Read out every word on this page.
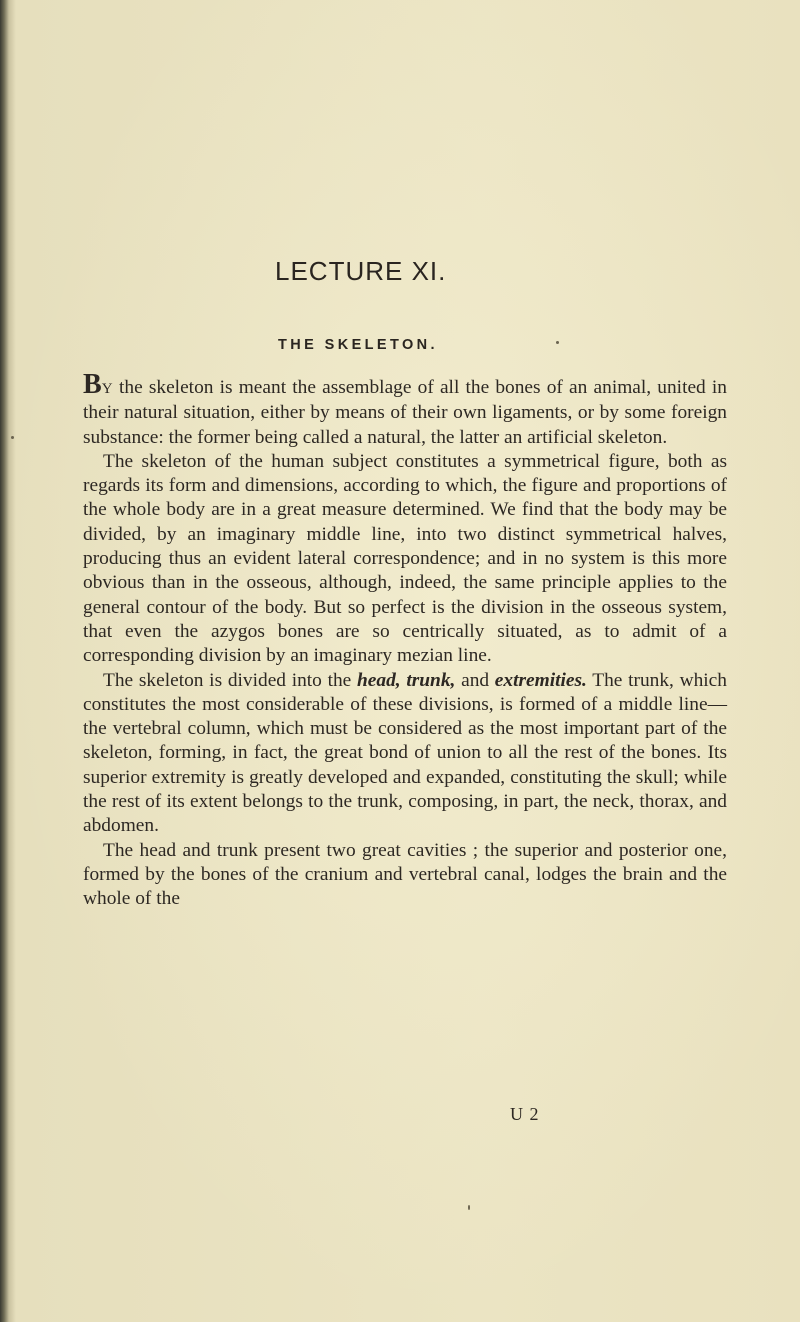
LECTURE XI.
THE SKELETON.

BY the skeleton is meant the assemblage of all the bones of an animal, united in their natural situation, either by means of their own ligaments, or by some foreign substance: the former being called a natural, the latter an artificial skeleton.

The skeleton of the human subject constitutes a symmetrical figure, both as regards its form and dimensions, according to which, the figure and proportions of the whole body are in a great measure determined. We find that the body may be divided, by an imaginary middle line, into two distinct symmetrical halves, producing thus an evident lateral correspondence; and in no system is this more obvious than in the osseous, although, indeed, the same principle applies to the general contour of the body. But so perfect is the division in the osseous system, that even the azygos bones are so centrically situated, as to admit of a corresponding division by an imaginary mezian line.

The skeleton is divided into the head, trunk, and extremities. The trunk, which constitutes the most considerable of these divisions, is formed of a middle line—the vertebral column, which must be considered as the most important part of the skeleton, forming, in fact, the great bond of union to all the rest of the bones. Its superior extremity is greatly developed and expanded, constituting the skull; while the rest of its extent belongs to the trunk, composing, in part, the neck, thorax, and abdomen.

The head and trunk present two great cavities ; the superior and posterior one, formed by the bones of the cranium and vertebral canal, lodges the brain and the whole of the

U 2
